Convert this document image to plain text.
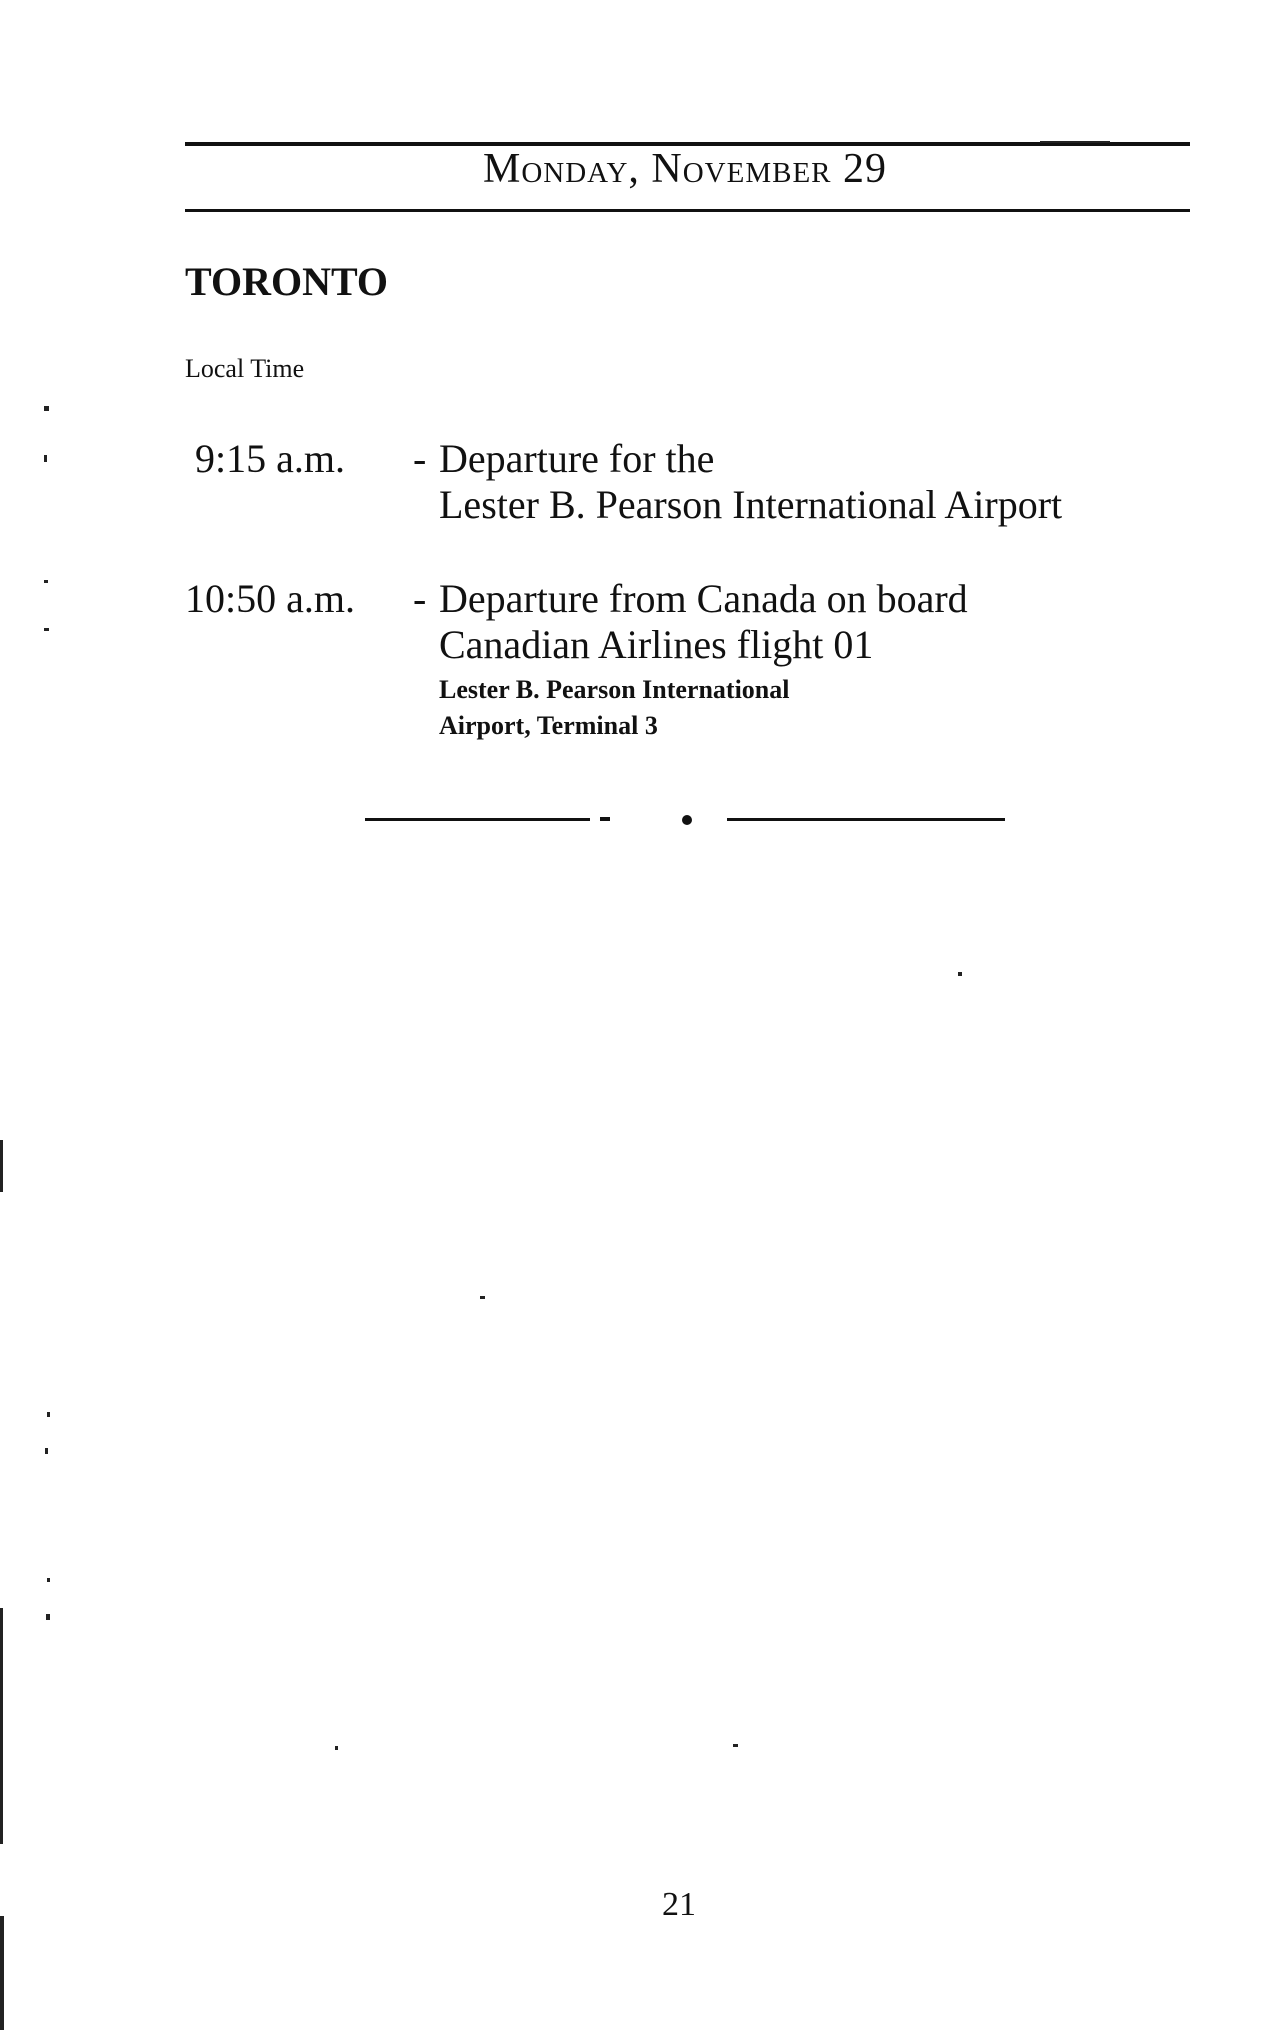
Monday, November 29
TORONTO
Local Time
9:15 a.m. - Departure for the
Lester B. Pearson International Airport
10:50 a.m. - Departure from Canada on board
Canadian Airlines flight 01
Lester B. Pearson International
Airport, Terminal 3
21
